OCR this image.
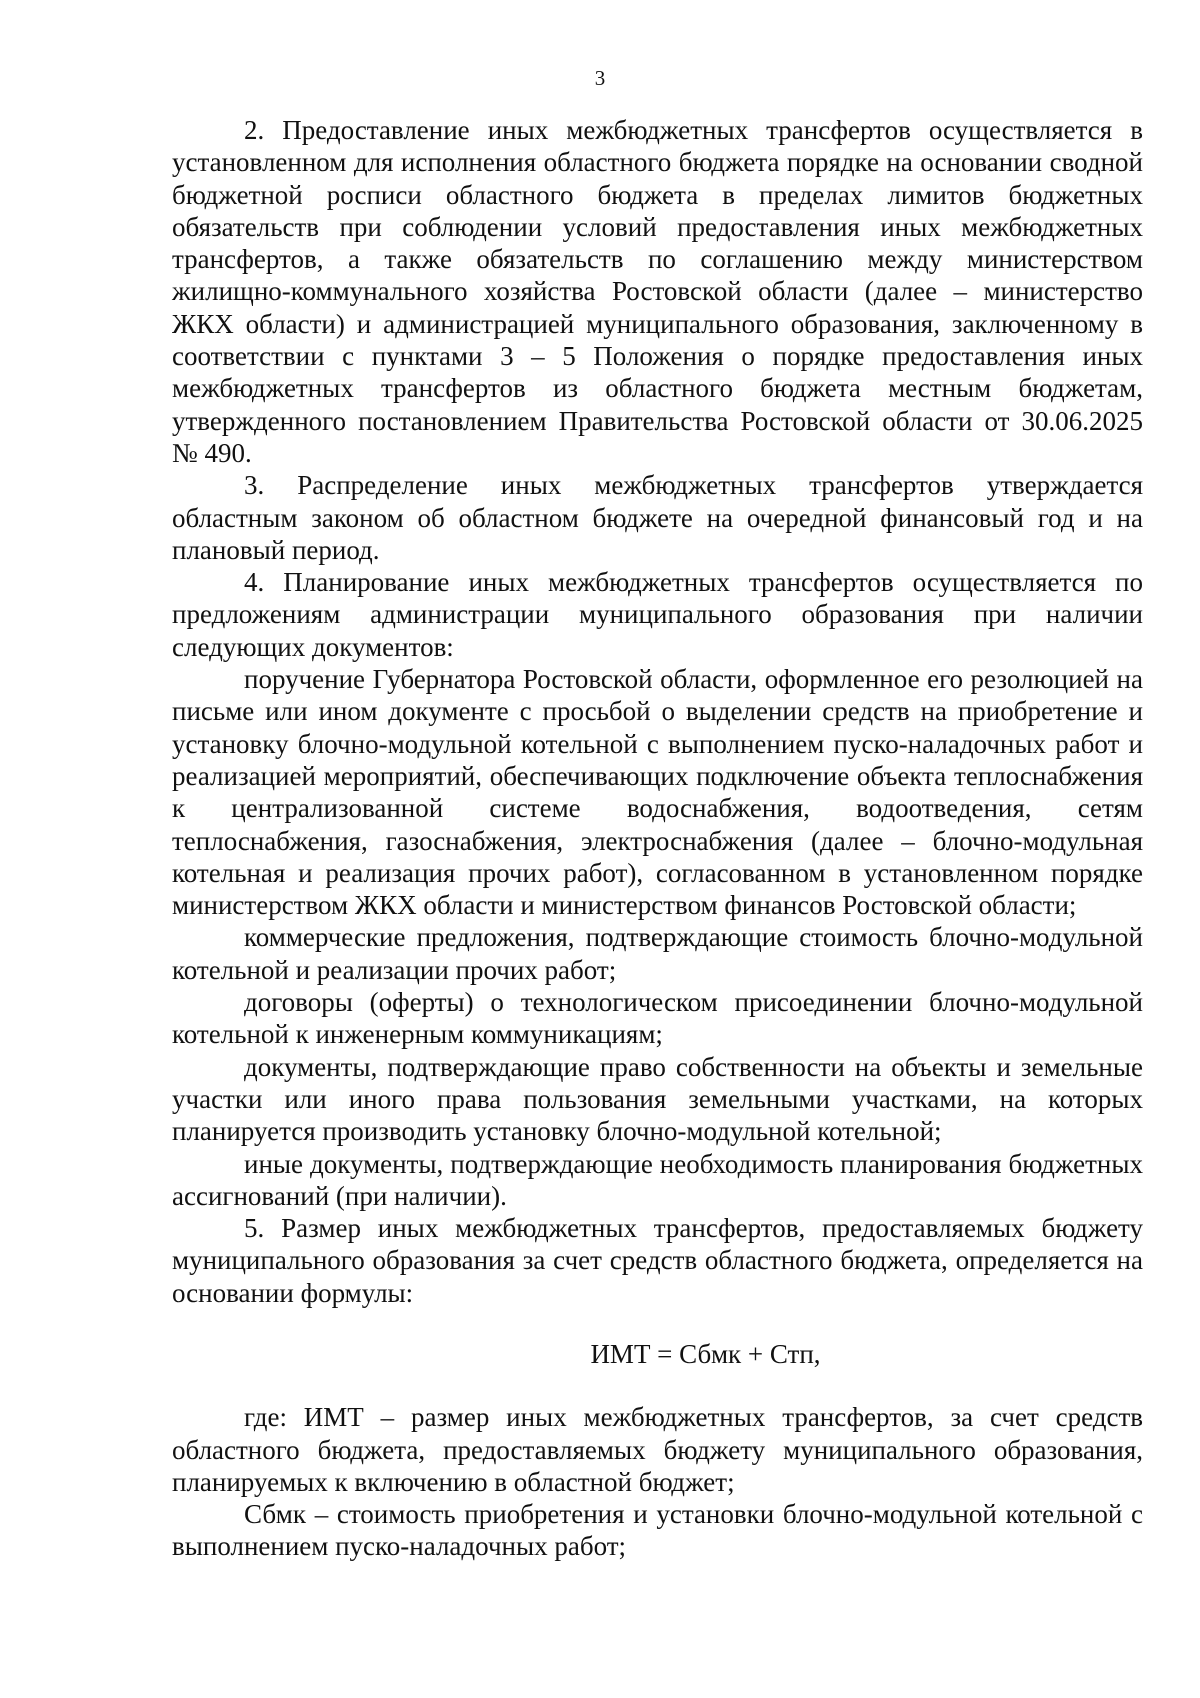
3

2. Предоставление иных межбюджетных трансфертов осуществляется в установленном для исполнения областного бюджета порядке на основании сводной бюджетной росписи областного бюджета в пределах лимитов бюджетных обязательств при соблюдении условий предоставления иных межбюджетных трансфертов, а также обязательств по соглашению между министерством жилищно-коммунального хозяйства Ростовской области (далее – министерство ЖКХ области) и администрацией муниципального образования, заключенному в соответствии с пунктами 3 – 5 Положения о порядке предоставления иных межбюджетных трансфертов из областного бюджета местным бюджетам, утвержденного постановлением Правительства Ростовской области от 30.06.2025 № 490.

3. Распределение иных межбюджетных трансфертов утверждается областным законом об областном бюджете на очередной финансовый год и на плановый период.

4. Планирование иных межбюджетных трансфертов осуществляется по предложениям администрации муниципального образования при наличии следующих документов:

поручение Губернатора Ростовской области, оформленное его резолюцией на письме или ином документе с просьбой о выделении средств на приобретение и установку блочно-модульной котельной с выполнением пуско-наладочных работ и реализацией мероприятий, обеспечивающих подключение объекта теплоснабжения к централизованной системе водоснабжения, водоотведения, сетям теплоснабжения, газоснабжения, электроснабжения (далее – блочно-модульная котельная и реализация прочих работ), согласованном в установленном порядке министерством ЖКХ области и министерством финансов Ростовской области;

коммерческие предложения, подтверждающие стоимость блочно-модульной котельной и реализации прочих работ;

договоры (оферты) о технологическом присоединении блочно-модульной котельной к инженерным коммуникациям;

документы, подтверждающие право собственности на объекты и земельные участки или иного права пользования земельными участками, на которых планируется производить установку блочно-модульной котельной;

иные документы, подтверждающие необходимость планирования бюджетных ассигнований (при наличии).

5. Размер иных межбюджетных трансфертов, предоставляемых бюджету муниципального образования за счет средств областного бюджета, определяется на основании формулы:

ИМТ = Сбмк + Стп,

где: ИМТ – размер иных межбюджетных трансфертов, за счет средств областного бюджета, предоставляемых бюджету муниципального образования, планируемых к включению в областной бюджет;

Сбмк – стоимость приобретения и установки блочно-модульной котельной с выполнением пуско-наладочных работ;
